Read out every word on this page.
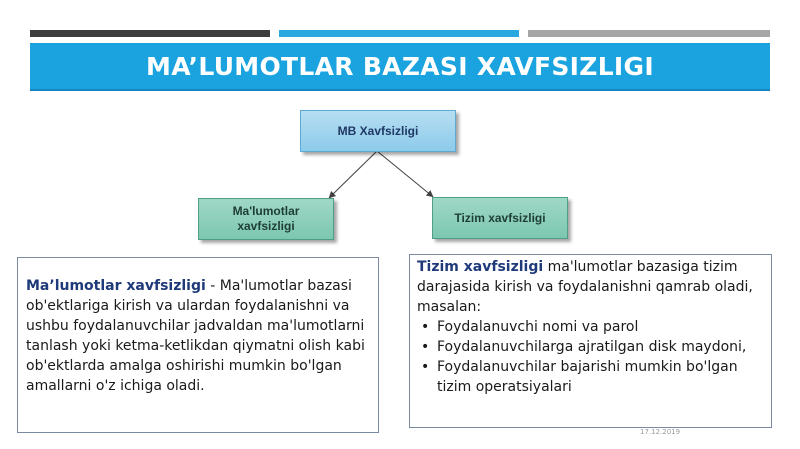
MA’LUMOTLAR BAZASI XAVFSIZLIGI
MB Xavfsizligi
Ma'lumotlar xavfsizligi
Tizim xavfsizligi
Ma’lumotlar xavfsizligi - Ma'lumotlar bazasi ob'ektlariga kirish va ulardan foydalanishni va ushbu foydalanuvchilar jadvaldan ma'lumotlarni tanlash yoki ketma-ketlikdan qiymatni olish kabi ob'ektlarda amalga oshirishi mumkin bo'lgan amallarni o'z ichiga oladi.
Tizim xavfsizligi ma'lumotlar bazasiga tizim darajasida kirish va foydalanishni qamrab oladi, masalan:
• Foydalanuvchi nomi va parol
• Foydalanuvchilarga ajratilgan disk maydoni,
• Foydalanuvchilar bajarishi mumkin bo'lgan tizim operatsiyalari
17.12.2019
